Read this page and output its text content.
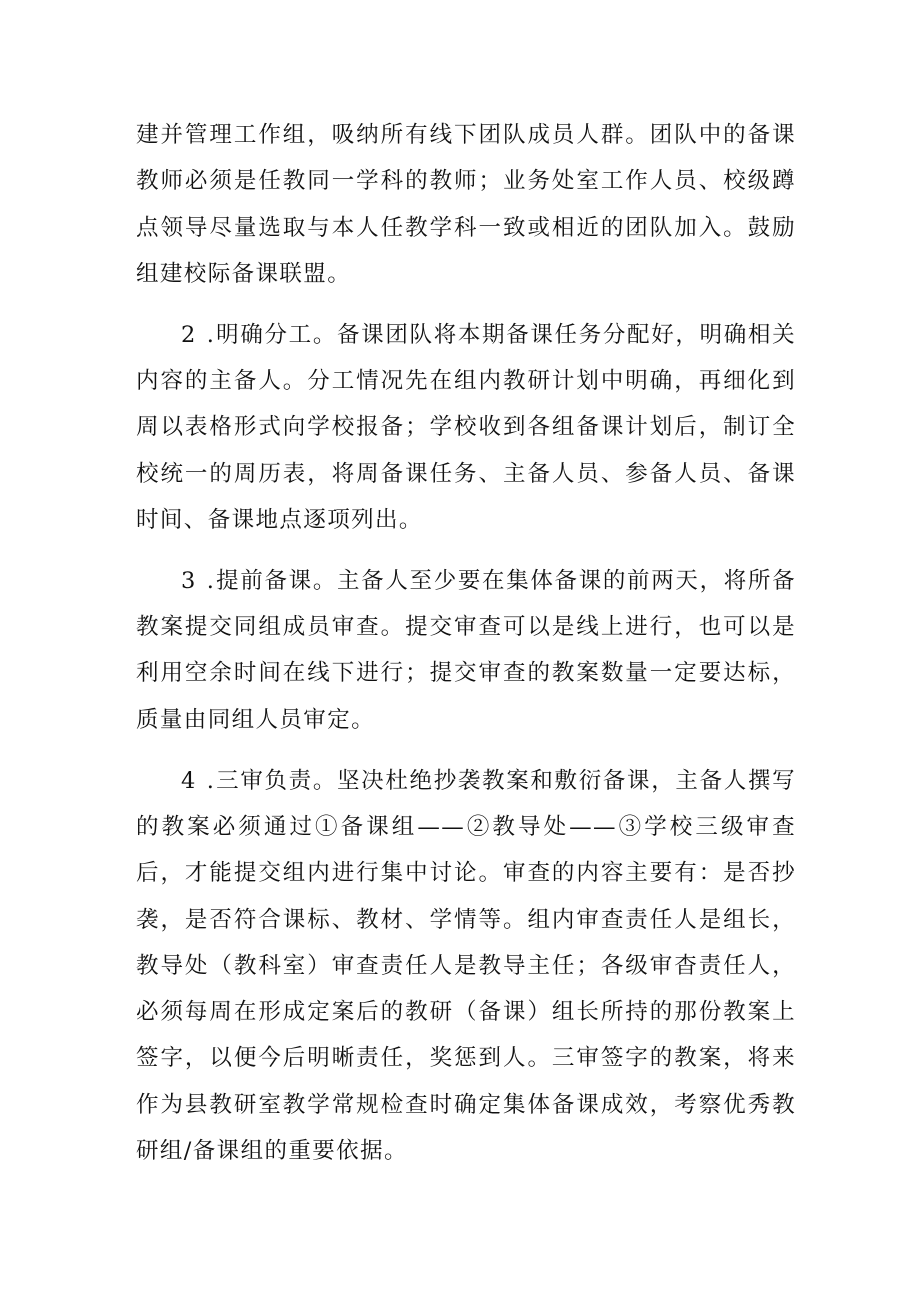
建并管理工作组，吸纳所有线下团队成员人群。团队中的备课教师必须是任教同一学科的教师；业务处室工作人员、校级蹲点领导尽量选取与本人任教学科一致或相近的团队加入。鼓励组建校际备课联盟。

2 .明确分工。备课团队将本期备课任务分配好，明确相关内容的主备人。分工情况先在组内教研计划中明确，再细化到周以表格形式向学校报备；学校收到各组备课计划后，制订全校统一的周历表，将周备课任务、主备人员、参备人员、备课时间、备课地点逐项列出。

3 .提前备课。主备人至少要在集体备课的前两天，将所备教案提交同组成员审查。提交审查可以是线上进行，也可以是利用空余时间在线下进行；提交审查的教案数量一定要达标，质量由同组人员审定。

4 .三审负责。坚决杜绝抄袭教案和敷衍备课，主备人撰写的教案必须通过①备课组——②教导处——③学校三级审查后，才能提交组内进行集中讨论。审查的内容主要有：是否抄袭，是否符合课标、教材、学情等。组内审查责任人是组长，教导处（教科室）审查责任人是教导主任；各级审杳责任人，必须每周在形成定案后的教研（备课）组长所持的那份教案上签字，以便今后明晰责任，奖惩到人。三审签字的教案，将来作为县教研室教学常规检查时确定集体备课成效，考察优秀教研组/备课组的重要依据。
